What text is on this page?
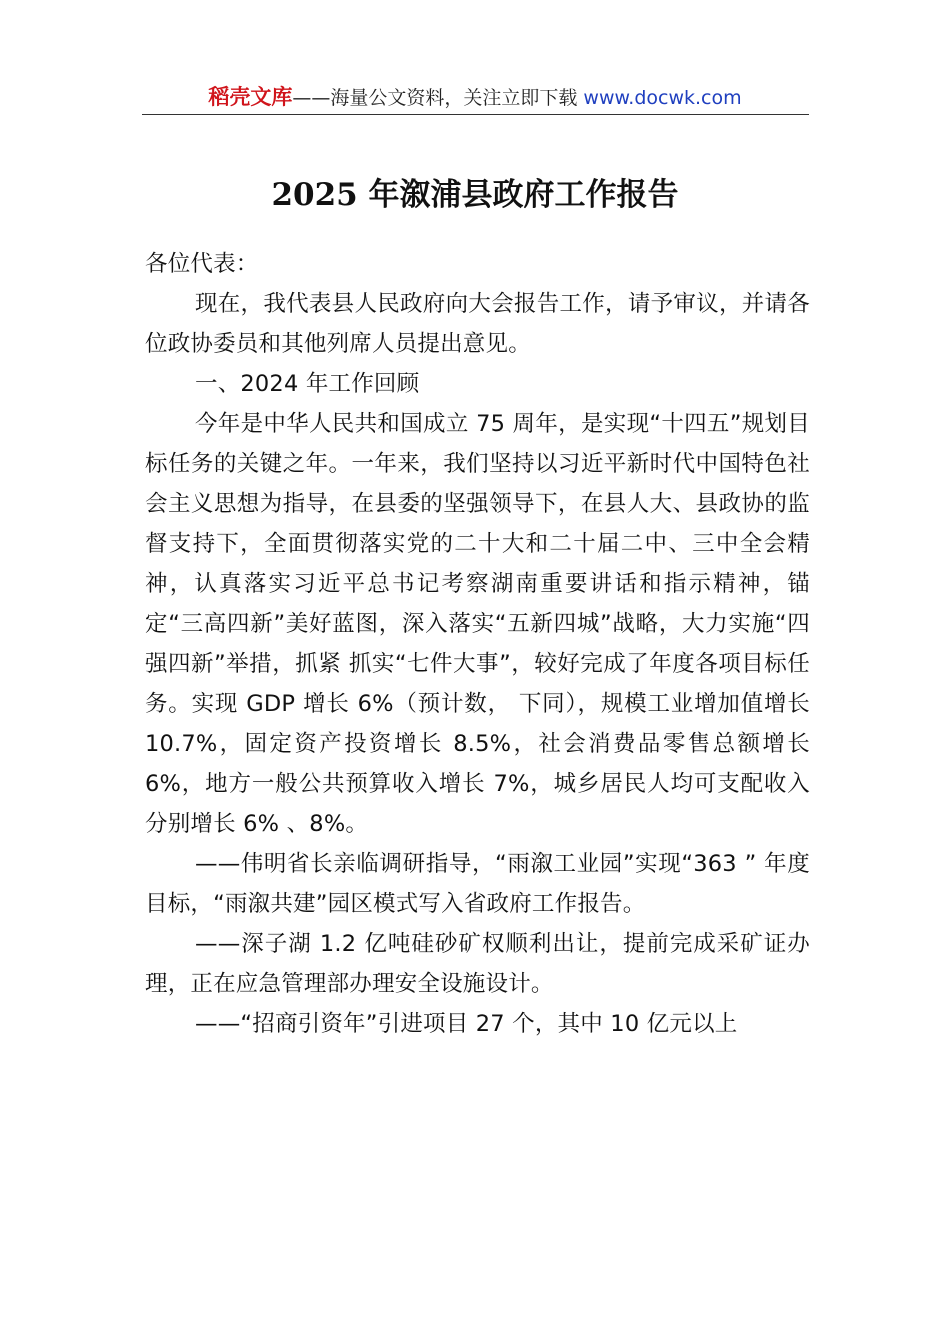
稻壳文库——海量公文资料，关注立即下载 www.docwk.com
2025 年溆浦县政府工作报告

各位代表：

现在，我代表县人民政府向大会报告工作，请予审议，并请各位政协委员和其他列席人员提出意见。

一、2024 年工作回顾

今年是中华人民共和国成立 75 周年，是实现“十四五”规划目标任务的关键之年。一年来，我们坚持以习近平新时代中国特色社会主义思想为指导，在县委的坚强领导下，在县人大、县政协的监督支持下，全面贯彻落实党的二十大和二十届二中、三中全会精神，认真落实习近平总书记考察湖南重要讲话和指示精神，锚定“三高四新”美好蓝图，深入落实“五新四城”战略，大力实施“四强四新”举措，抓紧 抓实“七件大事”，较好完成了年度各项目标任务。实现 GDP 增长 6%（预计数， 下同），规模工业增加值增长 10.7%，固定资产投资增长 8.5%，社会消费品零售总额增长 6%，地方一般公共预算收入增长 7%，城乡居民人均可支配收入分别增长 6% 、8%。

——伟明省长亲临调研指导，“雨溆工业园”实现“363 ” 年度目标，“雨溆共建”园区模式写入省政府工作报告。

——深子湖 1.2 亿吨硅砂矿权顺利出让，提前完成采矿证办理，正在应急管理部办理安全设施设计。

——“招商引资年”引进项目 27 个，其中 10 亿元以上
